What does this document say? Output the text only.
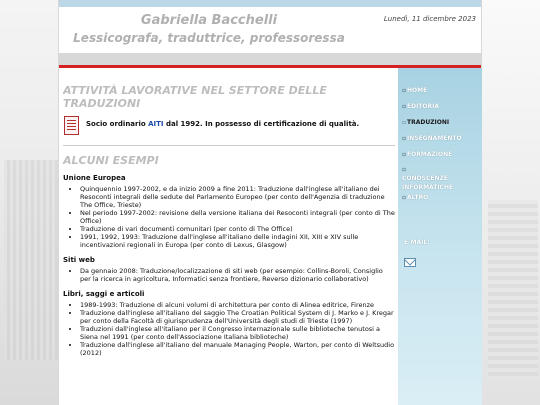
Gabriella Bacchelli
Lessicografa, traduttrice, professoressa
Lunedì, 11 dicembre 2023
ATTIVITÀ LAVORATIVE NEL SETTORE DELLE TRADUZIONI
Socio ordinario AITI dal 1992. In possesso di certificazione di qualità.
ALCUNI ESEMPI
Unione Europea
• Quinquennio 1997-2002, e da inizio 2009 a fine 2011: Traduzione dall'inglese all'italiano dei Resoconti integrali delle sedute del Parlamento Europeo (per conto dell'Agenzia di traduzione The Office, Trieste)
• Nel periodo 1997-2002: revisione della versione italiana dei Resoconti integrali (per conto di The Office)
• Traduzione di vari documenti comunitari (per conto di The Office)
• 1991, 1992, 1993: Traduzione dall'inglese all'italiano delle indagini XII, XIII e XIV sulle incentivazioni regionali in Europa (per conto di Lexus, Glasgow)
Siti web
• Da gennaio 2008: Traduzione/localizzazione di siti web (per esempio: Collins-Boroli, Consiglio per la ricerca in agricoltura, Informatici senza frontiere, Reverso dizionario collaborativo)
Libri, saggi e articoli
• 1989-1993: Traduzione di alcuni volumi di architettura per conto di Alinea editrice, Firenze
• Traduzione dall'inglese all'italiano del saggio The Croatian Political System di J. Marko e J. Kregar per conto della Facoltà di giurisprudenza dell'Università degli studi di Trieste (1997)
• Traduzioni dall'inglese all'italiano per il Congresso internazionale sulle biblioteche tenutosi a Siena nel 1991 (per conto dell'Associazione Italiana biblioteche)
• Traduzione dall'inglese all'italiano del manuale Managing People, Warton, per conto di Weltsudio (2012)
▫HOME
▫EDITORIA
▫TRADUZIONI
▫INSEGNAMENTO
▫FORMAZIONE
▫CONOSCENZE INFORMATICHE
▫ALTRO
E-MAIL:
